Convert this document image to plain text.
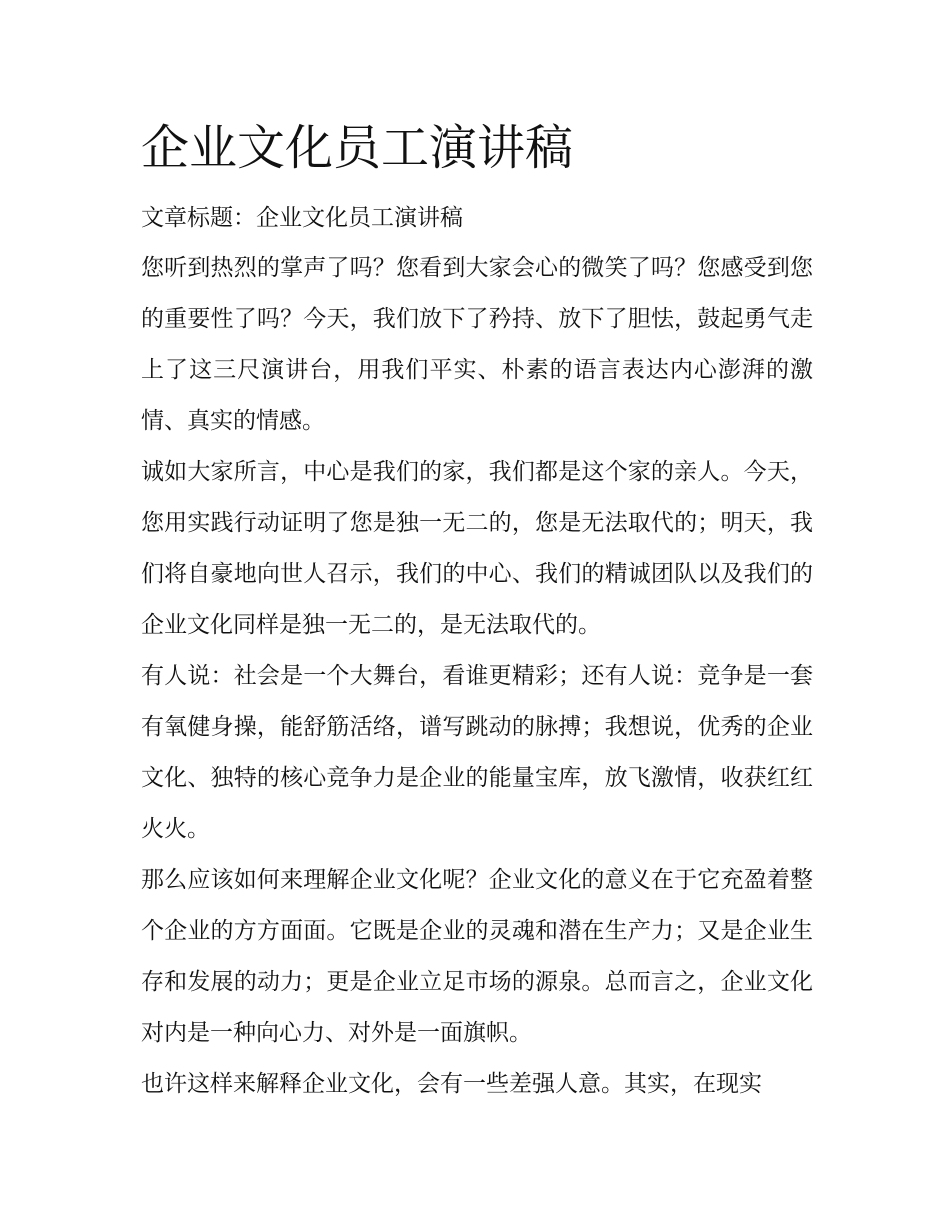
企业文化员工演讲稿

文章标题：企业文化员工演讲稿

您听到热烈的掌声了吗？您看到大家会心的微笑了吗？您感受到您的重要性了吗？今天，我们放下了矜持、放下了胆怯，鼓起勇气走上了这三尺演讲台，用我们平实、朴素的语言表达内心澎湃的激情、真实的情感。

诚如大家所言，中心是我们的家，我们都是这个家的亲人。今天，您用实践行动证明了您是独一无二的，您是无法取代的；明天，我们将自豪地向世人召示，我们的中心、我们的精诚团队以及我们的企业文化同样是独一无二的，是无法取代的。

有人说：社会是一个大舞台，看谁更精彩；还有人说：竞争是一套有氧健身操，能舒筋活络，谱写跳动的脉搏；我想说，优秀的企业文化、独特的核心竞争力是企业的能量宝库，放飞激情，收获红红火火。

那么应该如何来理解企业文化呢？企业文化的意义在于它充盈着整个企业的方方面面。它既是企业的灵魂和潜在生产力；又是企业生存和发展的动力；更是企业立足市场的源泉。总而言之，企业文化对内是一种向心力、对外是一面旗帜。

也许这样来解释企业文化，会有一些差强人意。其实，在现实
